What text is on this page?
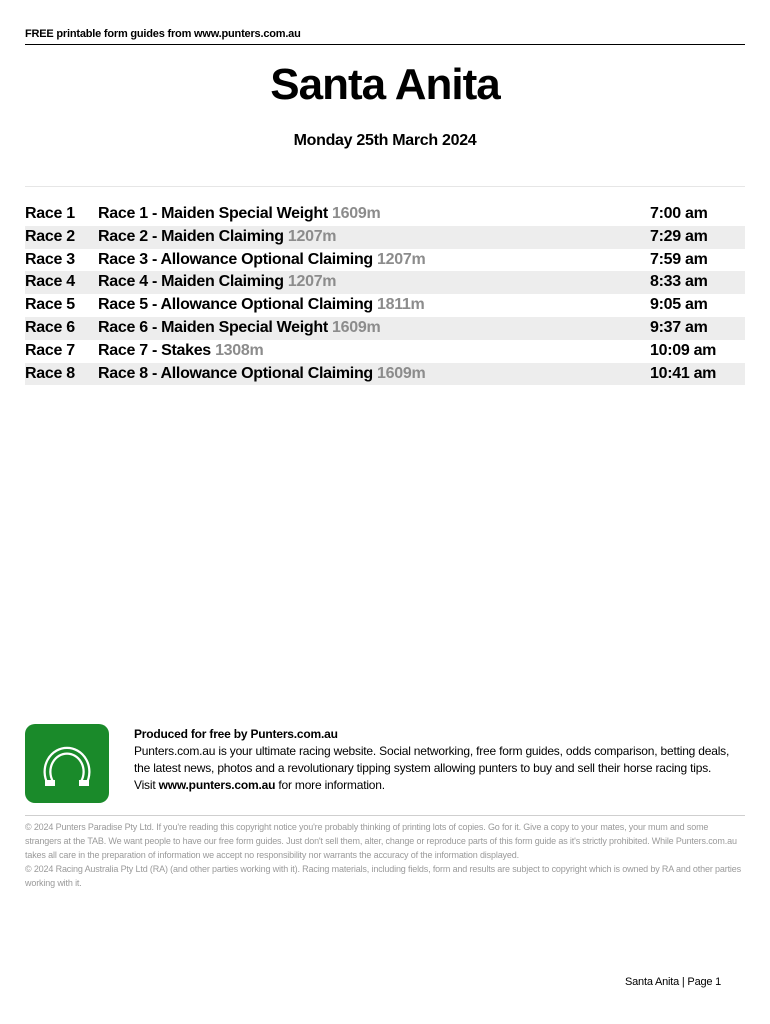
FREE printable form guides from www.punters.com.au
Santa Anita
Monday 25th March 2024
Race 1 Race 1 - Maiden Special Weight 1609m	7:00 am
Race 2 Race 2 - Maiden Claiming 1207m	7:29 am
Race 3 Race 3 - Allowance Optional Claiming 1207m	7:59 am
Race 4 Race 4 - Maiden Claiming 1207m	8:33 am
Race 5 Race 5 - Allowance Optional Claiming 1811m	9:05 am
Race 6 Race 6 - Maiden Special Weight 1609m	9:37 am
Race 7 Race 7 - Stakes 1308m	10:09 am
Race 8 Race 8 - Allowance Optional Claiming 1609m	10:41 am
Produced for free by Punters.com.au
Punters.com.au is your ultimate racing website. Social networking, free form guides, odds comparison, betting deals, the latest news, photos and a revolutionary tipping system allowing punters to buy and sell their horse racing tips.
Visit www.punters.com.au for more information.

© 2024 Punters Paradise Pty Ltd. If you're reading this copyright notice you're probably thinking of printing lots of copies. Go for it. Give a copy to your mates, your mum and some strangers at the TAB. We want people to have our free form guides. Just don't sell them, alter, change or reproduce parts of this form guide as it's strictly prohibited. While Punters.com.au takes all care in the preparation of information we accept no responsibility nor warrants the accuracy of the information displayed.

© 2024 Racing Australia Pty Ltd (RA) (and other parties working with it). Racing materials, including fields, form and results are subject to copyright which is owned by RA and other parties working with it.

Santa Anita | Page 1
